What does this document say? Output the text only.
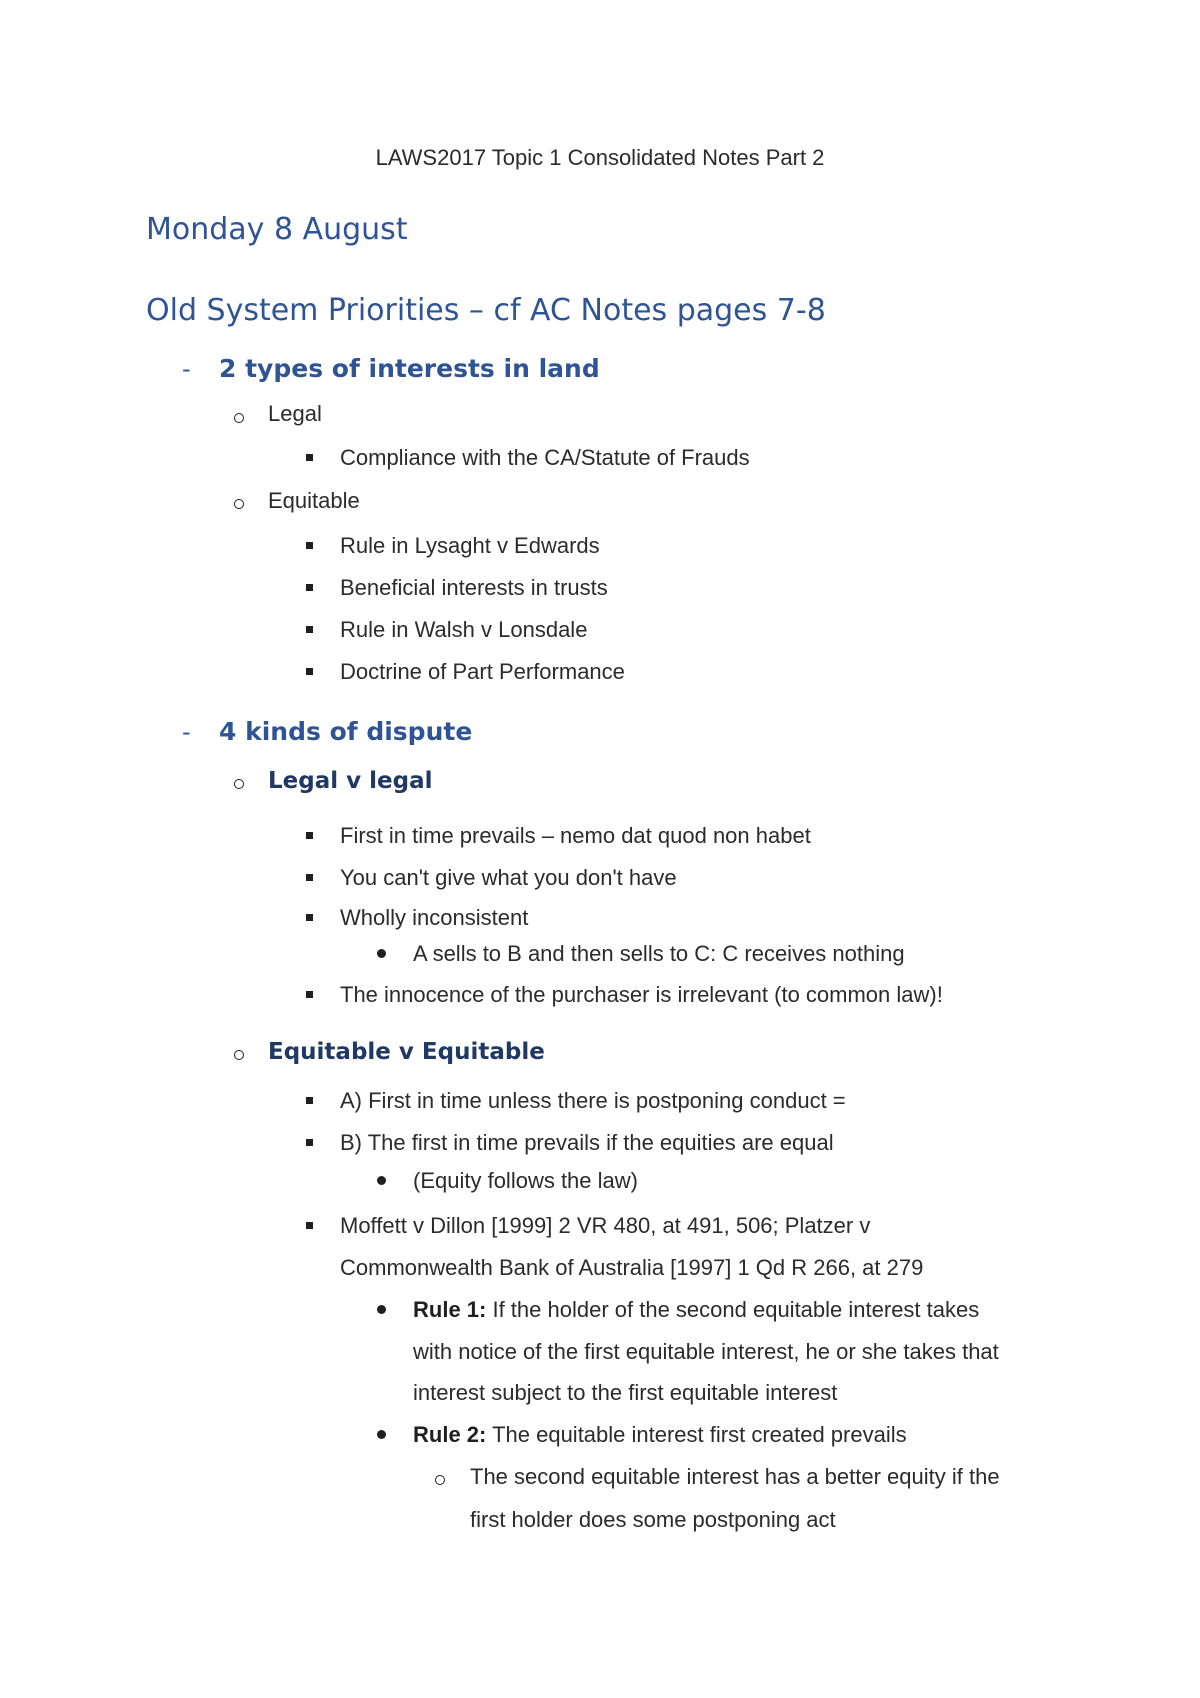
LAWS2017 Topic 1 Consolidated Notes Part 2
Monday 8 August
Old System Priorities – cf AC Notes pages 7-8
- 2 types of interests in land
Legal
Compliance with the CA/Statute of Frauds
Equitable
Rule in Lysaght v Edwards
Beneficial interests in trusts
Rule in Walsh v Lonsdale
Doctrine of Part Performance
- 4 kinds of dispute
Legal v legal
First in time prevails – nemo dat quod non habet
You can't give what you don't have
Wholly inconsistent
A sells to B and then sells to C: C receives nothing
The innocence of the purchaser is irrelevant (to common law)!
Equitable v Equitable
A) First in time unless there is postponing conduct =
B) The first in time prevails if the equities are equal
(Equity follows the law)
Moffett v Dillon [1999] 2 VR 480, at 491, 506; Platzer v
Commonwealth Bank of Australia [1997] 1 Qd R 266, at 279
Rule 1: If the holder of the second equitable interest takes
with notice of the first equitable interest, he or she takes that
interest subject to the first equitable interest
Rule 2: The equitable interest first created prevails
The second equitable interest has a better equity if the
first holder does some postponing act
